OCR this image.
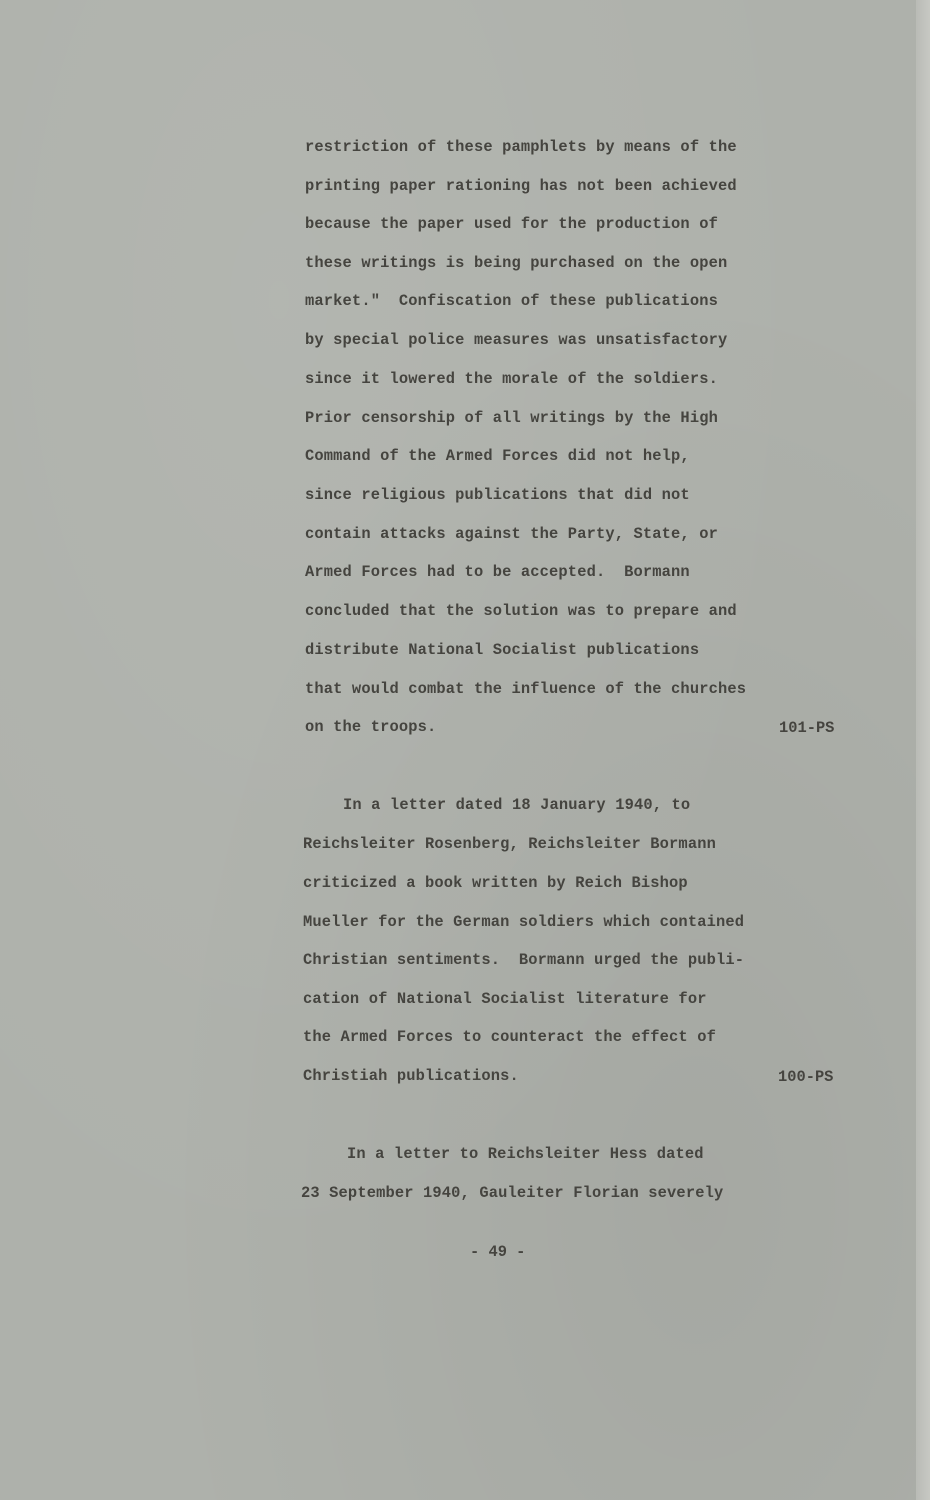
restriction of these pamphlets by means of the
printing paper rationing has not been achieved
because the paper used for the production of
these writings is being purchased on the open
market."  Confiscation of these publications
by special police measures was unsatisfactory
since it lowered the morale of the soldiers.
Prior censorship of all writings by the High
Command of the Armed Forces did not help,
since religious publications that did not
contain attacks against the Party, State, or
Armed Forces had to be accepted.  Bormann
concluded that the solution was to prepare and
distribute National Socialist publications
that would combat the influence of the churches
on the troops.	101-PS
In a letter dated 18 January 1940, to
Reichsleiter Rosenberg, Reichsleiter Bormann
criticized a book written by Reich Bishop
Mueller for the German soldiers which contained
Christian sentiments.  Bormann urged the publi-
cation of National Socialist literature for
the Armed Forces to counteract the effect of
Christiah publications.	100-PS
In a letter to Reichsleiter Hess dated
23 September 1940, Gauleiter Florian severely
- 49 -
